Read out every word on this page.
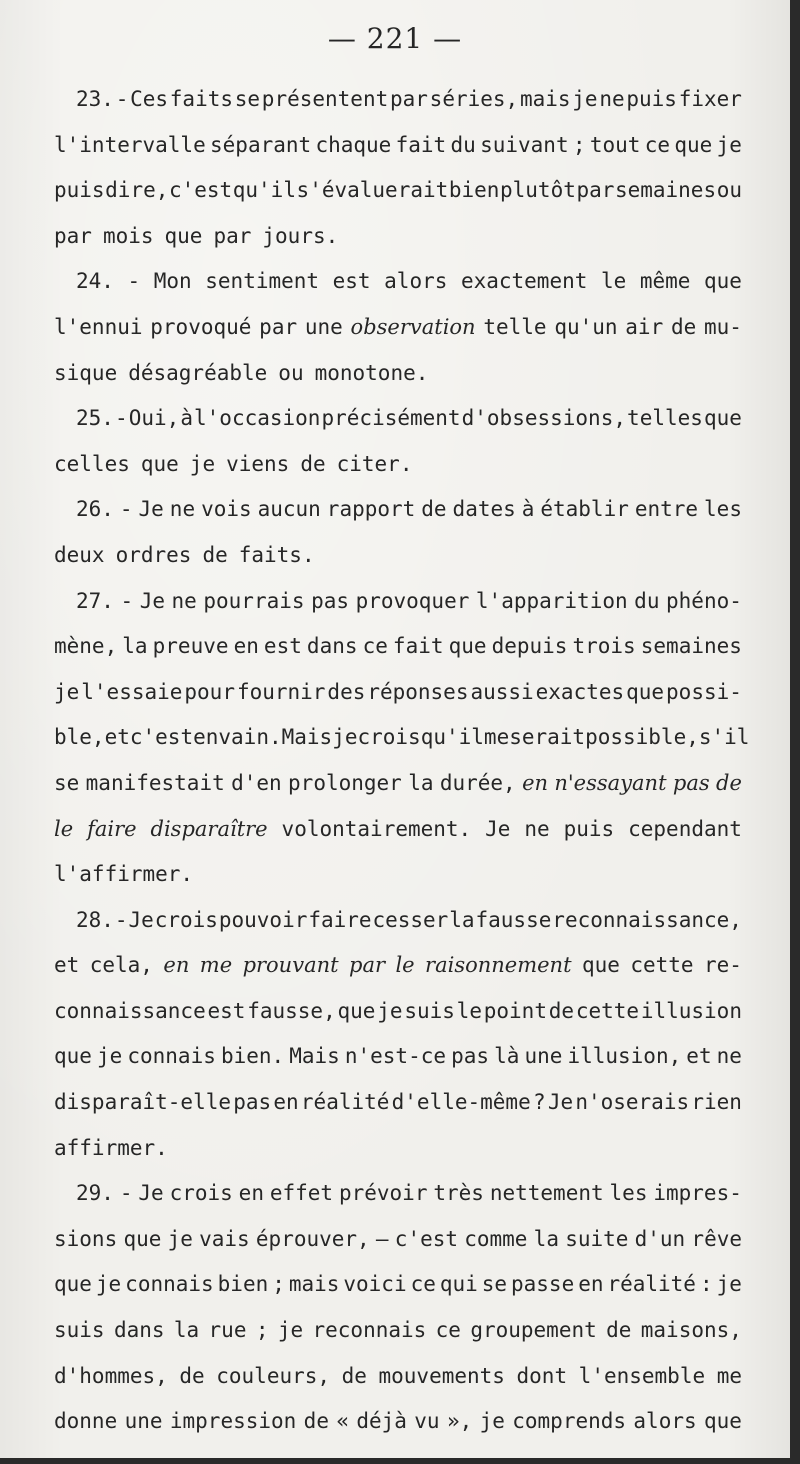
— 221 —
23. - Ces faits se présentent par séries, mais je ne puis fixer
l'intervalle séparant chaque fait du suivant ; tout ce que je
puis dire, c'est qu'il s'évaluerait bien plutôt par semaines ou
par mois que par jours.
24. - Mon sentiment est alors exactement le même que
l'ennui provoqué par une observation telle qu'un air de mu-
sique désagréable ou monotone.
25. - Oui, à l'occasion précisément d'obsessions, telles que
celles que je viens de citer.
26. - Je ne vois aucun rapport de dates à établir entre les
deux ordres de faits.
27. - Je ne pourrais pas provoquer l'apparition du phéno-
mène, la preuve en est dans ce fait que depuis trois semaines
je l'essaie pour fournir des réponses aussi exactes que possi-
ble, et c'est en vain. Mais je crois qu'il me serait possible, s'il
se manifestait d'en prolonger la durée, en n'essayant pas de
le faire disparaître volontairement. Je ne puis cependant
l'affirmer.
28. - Je crois pouvoir faire cesser la fausse reconnaissance,
et cela, en me prouvant par le raisonnement que cette re-
connaissance est fausse, que je suis le point de cette illusion
que je connais bien. Mais n'est-ce pas là une illusion, et ne
disparaît-elle pas en réalité d'elle-même ? Je n'oserais rien
affirmer.
29. - Je crois en effet prévoir très nettement les impres-
sions que je vais éprouver, — c'est comme la suite d'un rêve
que je connais bien ; mais voici ce qui se passe en réalité : je
suis dans la rue ; je reconnais ce groupement de maisons,
d'hommes, de couleurs, de mouvements dont l'ensemble me
donne une impression de « déjà vu », je comprends alors que
